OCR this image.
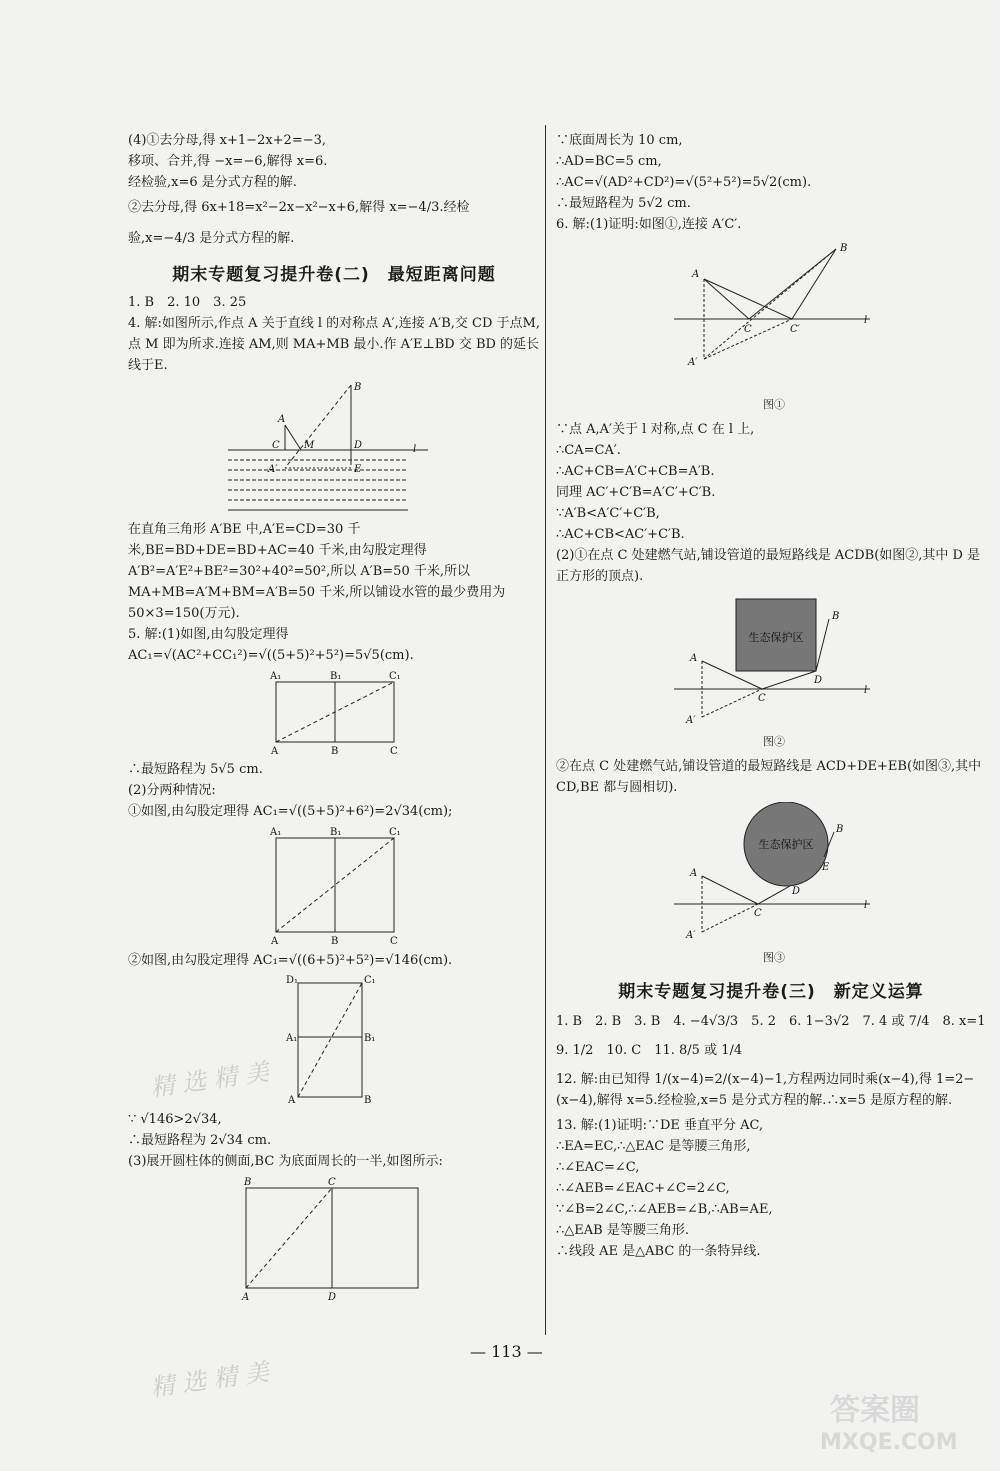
(4)①去分母,得 x+1−2x+2=−3,
移项、合并,得 −x=−6,解得 x=6.
经检验,x=6 是分式方程的解.
②去分母,得 6x+18=x²−2x−x²−x+6,解得 x=−4/3.经检
验,x=−4/3 是分式方程的解.
期末专题复习提升卷(二)　最短距离问题
1. B　2. 10　3. 25
4. 解:如图所示,作点 A 关于直线 l 的对称点 A′,连接 A′B,交 CD 于点M,点 M 即为所求.连接 AM,则 MA+MB 最小.作 A′E⊥BD 交 BD 的延长线于E.
B
A
C M	D
A′	E
l
在直角三角形 A′BE 中,A′E=CD=30 千米,BE=BD+DE=BD+AC=40 千米,由勾股定理得 A′B²=A′E²+BE²=30²+40²=50²,所以 A′B=50 千米,所以 MA+MB=A′M+BM=A′B=50 千米,所以铺设水管的最少费用为 50×3=150(万元).
5. 解:(1)如图,由勾股定理得 AC₁=√(AC²+CC₁²)=√((5+5)²+5²)=5√5(cm).
A₁	B₁	C₁
A	B	C
∴最短路程为 5√5 cm.
(2)分两种情况:
①如图,由勾股定理得 AC₁=√((5+5)²+6²)=2√34(cm);
A₁	B₁	C₁
A	B	C
②如图,由勾股定理得 AC₁=√((6+5)²+5²)=√146(cm).
D₁	C₁
A₁	B₁
A	B
∵ √146>2√34,
∴最短路程为 2√34 cm.
(3)展开圆柱体的侧面,BC 为底面周长的一半,如图所示:
B	C
A	D
∵底面周长为 10 cm,
∴AD=BC=5 cm,
∴AC=√(AD²+CD²)=√(5²+5²)=5√2(cm).
∴最短路程为 5√2 cm.
6. 解:(1)证明:如图①,连接 A′C′.
B
A
C	C′
A′
l
图①
∵点 A,A′关于 l 对称,点 C 在 l 上,
∴CA=CA′.
∴AC+CB=A′C+CB=A′B.
同理 AC′+C′B=A′C′+C′B.
∵A′B<A′C′+C′B,
∴AC+CB<AC′+C′B.
(2)①在点 C 处建燃气站,铺设管道的最短路线是 ACDB(如图②,其中 D 是正方形的顶点).
生态保护区
B
A
C
D
A′
l
图②
②在点 C 处建燃气站,铺设管道的最短路线是 ACD+DE+EB(如图③,其中 CD,BE 都与圆相切).
生态保护区
B
E
A
C
D
A′
l
图③
期末专题复习提升卷(三)　新定义运算
1. B　2. B　3. B　4. −4√3/3　5. 2　6. 1−3√2　7. 4 或 7/4　8. x=1
9. 1/2　10. C　11. 8/5 或 1/4
12. 解:由已知得 1/(x−4)=2/(x−4)−1,方程两边同时乘(x−4),得 1=2−(x−4),解得 x=5.经检验,x=5 是分式方程的解.∴x=5 是原方程的解.
13. 解:(1)证明:∵DE 垂直平分 AC,
∴EA=EC,∴△EAC 是等腰三角形,
∴∠EAC=∠C,
∴∠AEB=∠EAC+∠C=2∠C,
∵∠B=2∠C,∴∠AEB=∠B,∴AB=AE,
∴△EAB 是等腰三角形.
∴线段 AE 是△ABC 的一条特异线.
— 113 —
精 选 精 美
精 选 精 美
答案圈
MXQE.COM
